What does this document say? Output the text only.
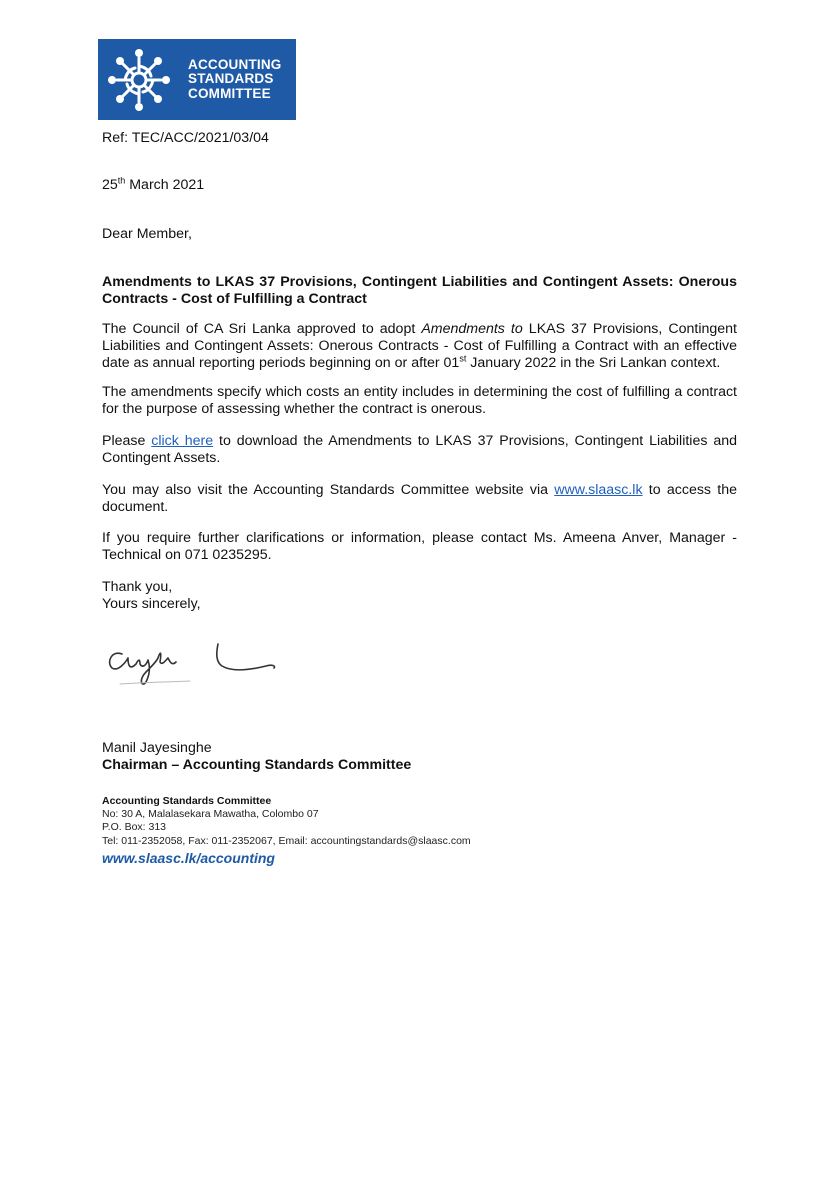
ACCOUNTING
STANDARDS
COMMITTEE
Ref: TEC/ACC/2021/03/04
25th March 2021
Dear Member,
Amendments to LKAS 37 Provisions, Contingent Liabilities and Contingent Assets: Onerous Contracts - Cost of Fulfilling a Contract
The Council of CA Sri Lanka approved to adopt Amendments to LKAS 37 Provisions, Contingent Liabilities and Contingent Assets: Onerous Contracts - Cost of Fulfilling a Contract with an effective date as annual reporting periods beginning on or after 01st January 2022 in the Sri Lankan context.
The amendments specify which costs an entity includes in determining the cost of fulfilling a contract for the purpose of assessing whether the contract is onerous.
Please click here to download the Amendments to LKAS 37 Provisions, Contingent Liabilities and Contingent Assets.
You may also visit the Accounting Standards Committee website via www.slaasc.lk to access the document.
If you require further clarifications or information, please contact Ms. Ameena Anver, Manager - Technical on 071 0235295.
Thank you,
Yours sincerely,
Manil Jayesinghe
Chairman – Accounting Standards Committee
Accounting Standards Committee
No: 30 A, Malalasekara Mawatha, Colombo 07
P.O. Box: 313
Tel: 011-2352058, Fax: 011-2352067, Email: accountingstandards@slaasc.com
www.slaasc.lk/accounting
